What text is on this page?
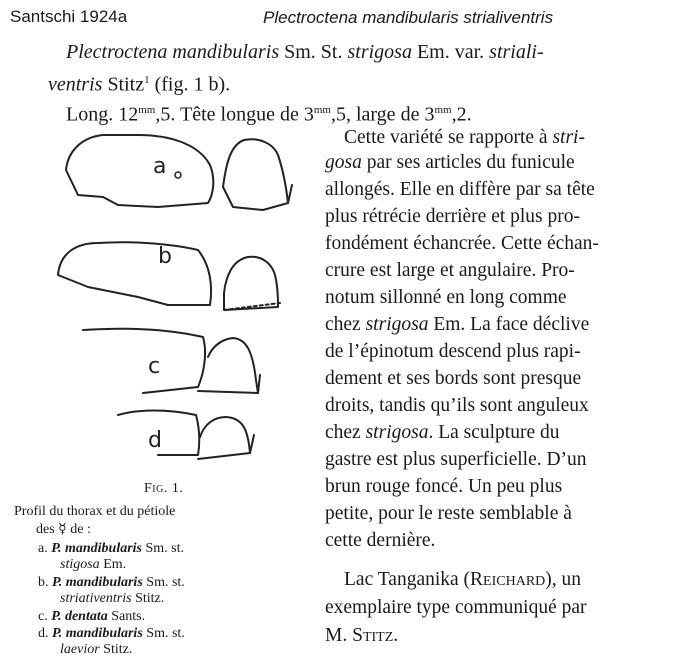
Santschi 1924a	Plectroctena mandibularis strialiventris
Plectroctena mandibularis Sm. St. strigosa Em. var. striali-
ventris Stitz$^1$ (fig. 1 b).
Long. $12^{mm},5$. Tête longue de $3^{mm},5$, large de $3^{mm},2$.
a
b
c
d
Fig. 1.
Profil du thorax et du pétiole
des ☿ de :
a. P. mandibularis Sm. st.
stigosa Em.
b. P. mandibularis Sm. st.
striativentris Stitz.
c. P. dentata Sants.
d. P. mandibularis Sm. st.
laevior Stitz.
Cette variété se rapporte à stri-
gosa par ses articles du funicule
allongés. Elle en diffère par sa tête
plus rétrécie derrière et plus pro-
fondément échancrée. Cette échan-
crure est large et angulaire. Pro-
notum sillonné en long comme
chez strigosa Em. La face déclive
de l’épinotum descend plus rapi-
dement et ses bords sont presque
droits, tandis qu’ils sont anguleux
chez strigosa. La sculpture du
gastre est plus superficielle. D’un
brun rouge foncé. Un peu plus
petite, pour le reste semblable à
cette dernière.
Lac Tanganika (Reichard), un
exemplaire type communiqué par
M. Stitz.
